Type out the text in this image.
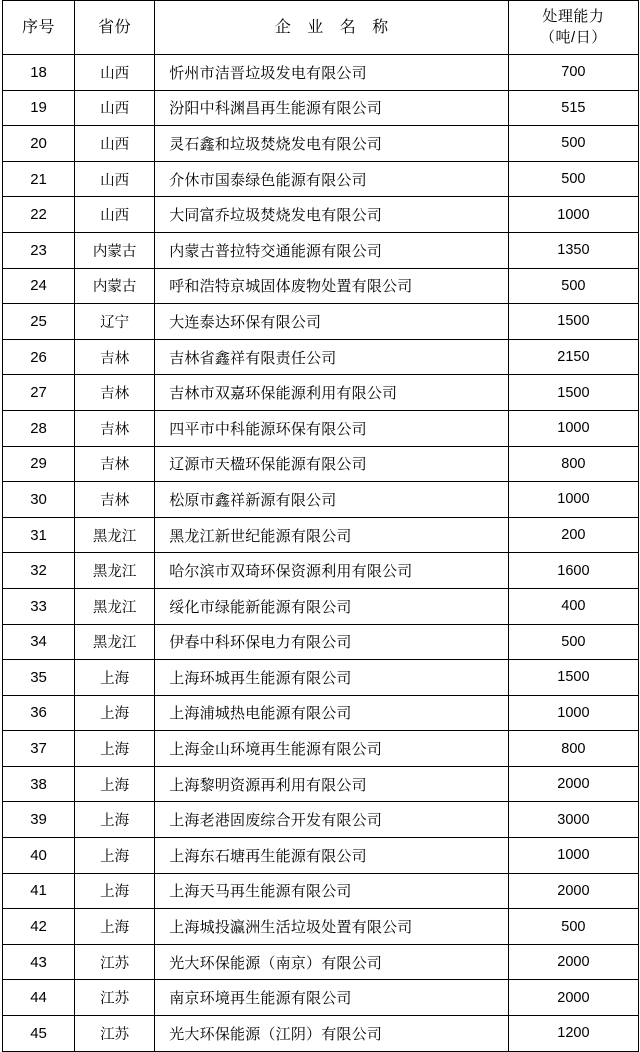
序号	省份	企 业 名 称	处理能力
（吨/日）

18	山西	忻州市洁晋垃圾发电有限公司	700
19	山西	汾阳中科渊昌再生能源有限公司	515
20	山西	灵石鑫和垃圾焚烧发电有限公司	500
21	山西	介休市国泰绿色能源有限公司	500
22	山西	大同富乔垃圾焚烧发电有限公司	1000
23	内蒙古	内蒙古普拉特交通能源有限公司	1350
24	内蒙古	呼和浩特京城固体废物处置有限公司	500
25	辽宁	大连泰达环保有限公司	1500
26	吉林	吉林省鑫祥有限责任公司	2150
27	吉林	吉林市双嘉环保能源利用有限公司	1500
28	吉林	四平市中科能源环保有限公司	1000
29	吉林	辽源市天楹环保能源有限公司	800
30	吉林	松原市鑫祥新源有限公司	1000
31	黑龙江	黑龙江新世纪能源有限公司	200
32	黑龙江	哈尔滨市双琦环保资源利用有限公司	1600
33	黑龙江	绥化市绿能新能源有限公司	400
34	黑龙江	伊春中科环保电力有限公司	500
35	上海	上海环城再生能源有限公司	1500
36	上海	上海浦城热电能源有限公司	1000
37	上海	上海金山环境再生能源有限公司	800
38	上海	上海黎明资源再利用有限公司	2000
39	上海	上海老港固废综合开发有限公司	3000
40	上海	上海东石塘再生能源有限公司	1000
41	上海	上海天马再生能源有限公司	2000
42	上海	上海城投瀛洲生活垃圾处置有限公司	500
43	江苏	光大环保能源（南京）有限公司	2000
44	江苏	南京环境再生能源有限公司	2000
45	江苏	光大环保能源（江阴）有限公司	1200
